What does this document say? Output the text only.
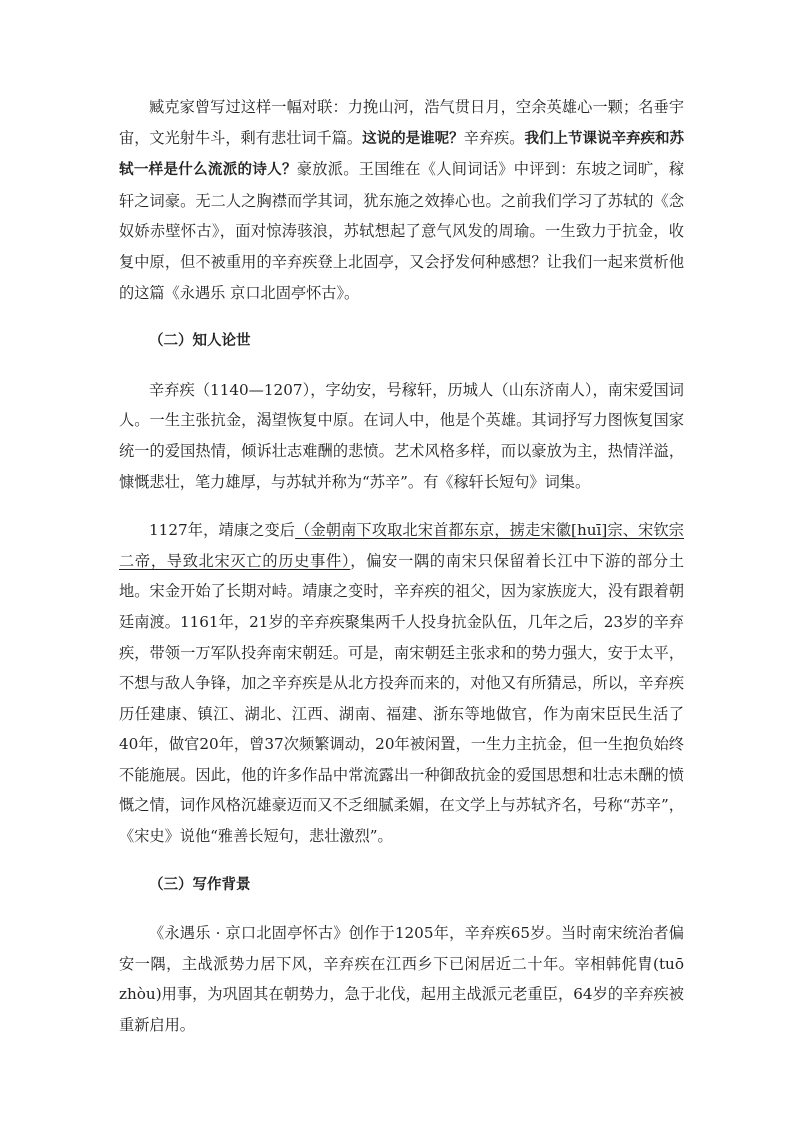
臧克家曾写过这样一幅对联：力挽山河，浩气贯日月，空余英雄心一颗；名垂宇宙，文光射牛斗，剩有悲壮词千篇。这说的是谁呢？辛弃疾。我们上节课说辛弃疾和苏轼一样是什么流派的诗人？豪放派。王国维在《人间词话》中评到：东坡之词旷，稼轩之词豪。无二人之胸襟而学其词，犹东施之效捧心也。之前我们学习了苏轼的《念奴娇赤壁怀古》，面对惊涛骇浪，苏轼想起了意气风发的周瑜。一生致力于抗金，收复中原，但不被重用的辛弃疾登上北固亭，又会抒发何种感想？让我们一起来赏析他的这篇《永遇乐 京口北固亭怀古》。

（二）知人论世

辛弃疾（1140—1207），字幼安，号稼轩，历城人（山东济南人），南宋爱国词人。一生主张抗金，渴望恢复中原。在词人中，他是个英雄。其词抒写力图恢复国家统一的爱国热情，倾诉壮志难酬的悲愤。艺术风格多样，而以豪放为主，热情洋溢，慷慨悲壮，笔力雄厚，与苏轼并称为“苏辛”。有《稼轩长短句》词集。

1127年，靖康之变后（金朝南下攻取北宋首都东京，掳走宋徽[huī]宗、宋钦宗二帝，导致北宋灭亡的历史事件），偏安一隅的南宋只保留着长江中下游的部分土地。宋金开始了长期对峙。靖康之变时，辛弃疾的祖父，因为家族庞大，没有跟着朝廷南渡。1161年，21岁的辛弃疾聚集两千人投身抗金队伍，几年之后，23岁的辛弃疾，带领一万军队投奔南宋朝廷。可是，南宋朝廷主张求和的势力强大，安于太平，不想与敌人争锋，加之辛弃疾是从北方投奔而来的，对他又有所猜忌，所以，辛弃疾历任建康、镇江、湖北、江西、湖南、福建、浙东等地做官，作为南宋臣民生活了40年，做官20年，曾37次频繁调动，20年被闲置，一生力主抗金，但一生抱负始终不能施展。因此，他的许多作品中常流露出一种御敌抗金的爱国思想和壮志未酬的愤慨之情，词作风格沉雄豪迈而又不乏细腻柔媚，在文学上与苏轼齐名，号称“苏辛”，《宋史》说他“雅善长短句，悲壮激烈”。

（三）写作背景

《永遇乐 · 京口北固亭怀古》创作于1205年，辛弃疾65岁。当时南宋统治者偏安一隅，主战派势力居下风，辛弃疾在江西乡下已闲居近二十年。宰相韩侂胄(tuō zhòu)用事，为巩固其在朝势力，急于北伐，起用主战派元老重臣，64岁的辛弃疾被重新启用。
